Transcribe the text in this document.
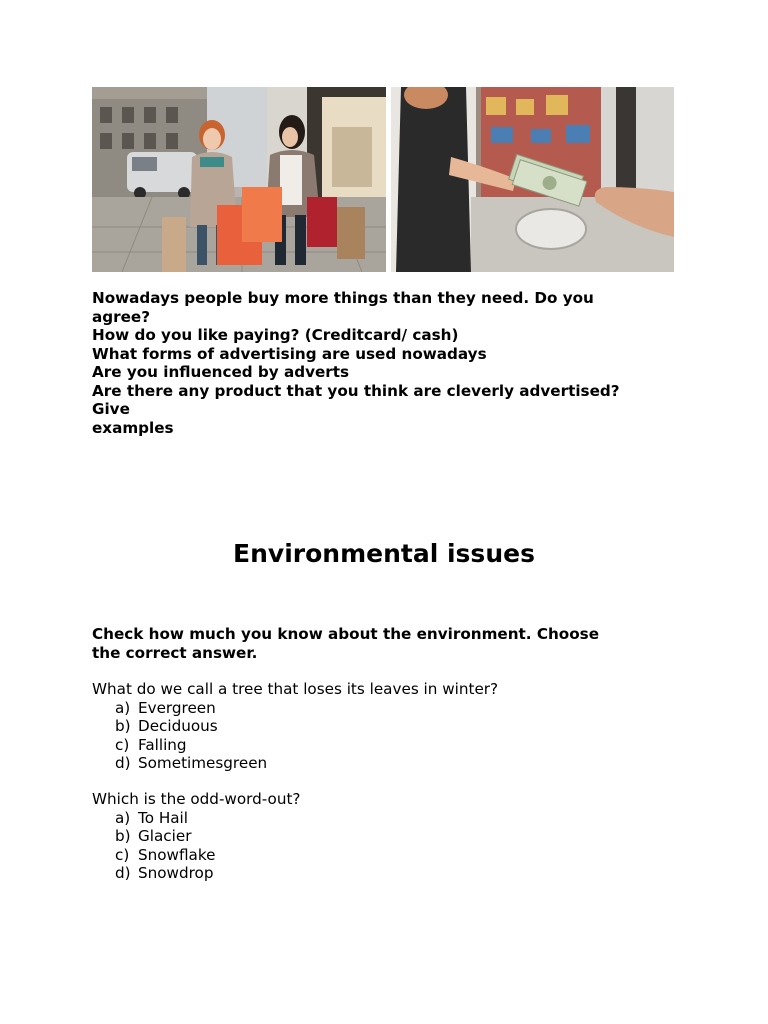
Nowadays people buy more things than they need. Do you
agree?
How do you like paying? (Creditcard/ cash)
What forms of advertising are used nowadays
Are you influenced by adverts
Are there any product that you think are cleverly advertised?
Give
examples
Environmental issues
Check how much you know about the environment. Choose
the correct answer.
What do we call a tree that loses its leaves in winter?
a) Evergreen
b) Deciduous
c) Falling
d) Sometimesgreen
Which is the odd-word-out?
a) To Hail
b) Glacier
c) Snowflake
d) Snowdrop
